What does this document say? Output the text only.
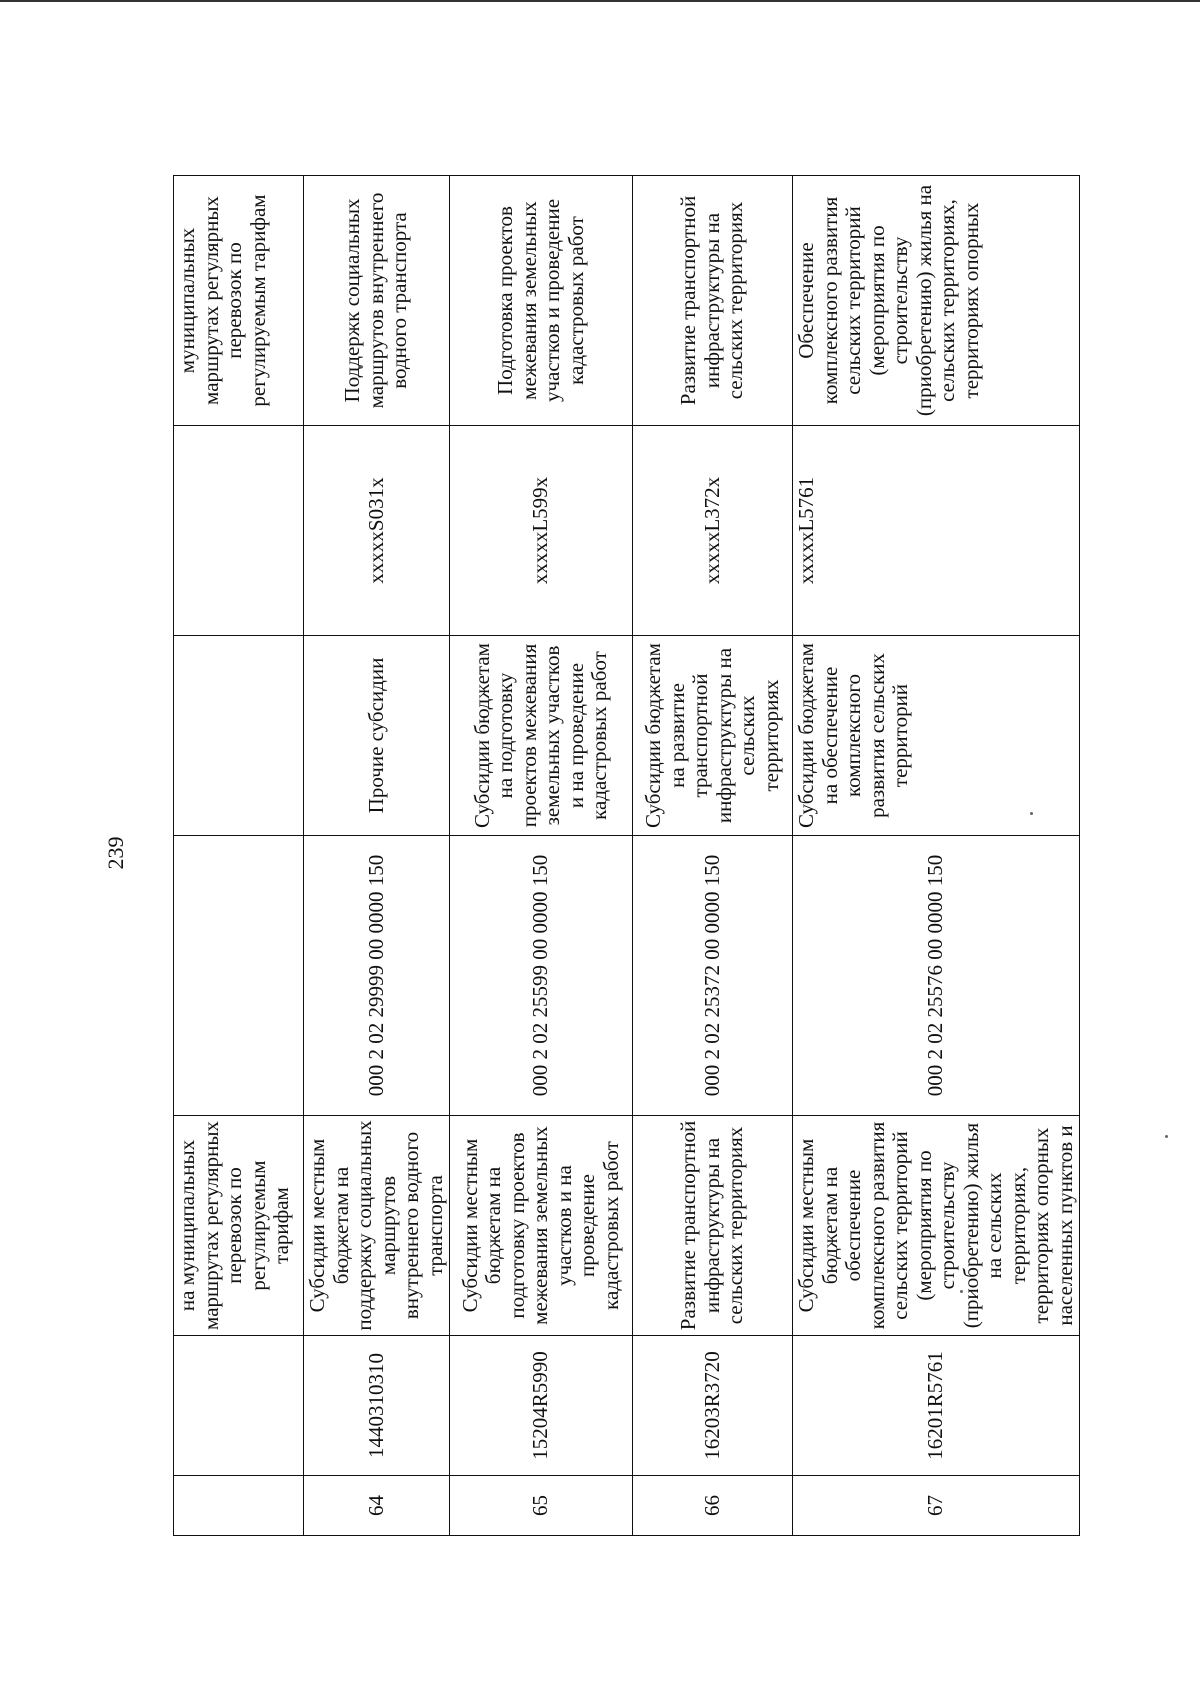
239
		на муниципальных маршрутах регулярных перевозок по регулируемым тарифам				муниципальных маршрутах регулярных перевозок по регулируемым тарифам
64	1440310310	Субсидии местным бюджетам на поддержку социальных маршрутов внутреннего водного транспорта	000 2 02 29999 00 0000 150	Прочие субсидии	xxxxxS031x	Поддержк социальных маршрутов внутреннего водного транспорта
65	15204R5990	Субсидии местным бюджетам на подготовку проектов межевания земельных участков и на проведение кадастровых работ	000 2 02 25599 00 0000 150	Субсидии бюджетам на подготовку проектов межевания земельных участков и на проведение кадастровых работ	xxxxxL599x	Подготовка проектов межевания земельных участков и проведение кадастровых работ
66	16203R3720	Развитие транспортной инфраструктуры на сельских территориях	000 2 02 25372 00 0000 150	Субсидии бюджетам на развитие транспортной инфраструктуры на сельских территориях	xxxxxL372x	Развитие транспортной инфраструктуры на сельских территориях
67	16201R5761	Субсидии местным бюджетам на обеспечение комплексного развития сельских территорий (мероприятия по строительству (приобретению) жилья на сельских территориях, территориях опорных населенных пунктов и	000 2 02 25576 00 0000 150	Субсидии бюджетам на обеспечение комплексного развития сельских территорий	xxxxxL5761	Обеспечение комплексного развития сельских территорий (мероприятия по строительству (приобретению) жилья на сельских территориях, территориях опорных
